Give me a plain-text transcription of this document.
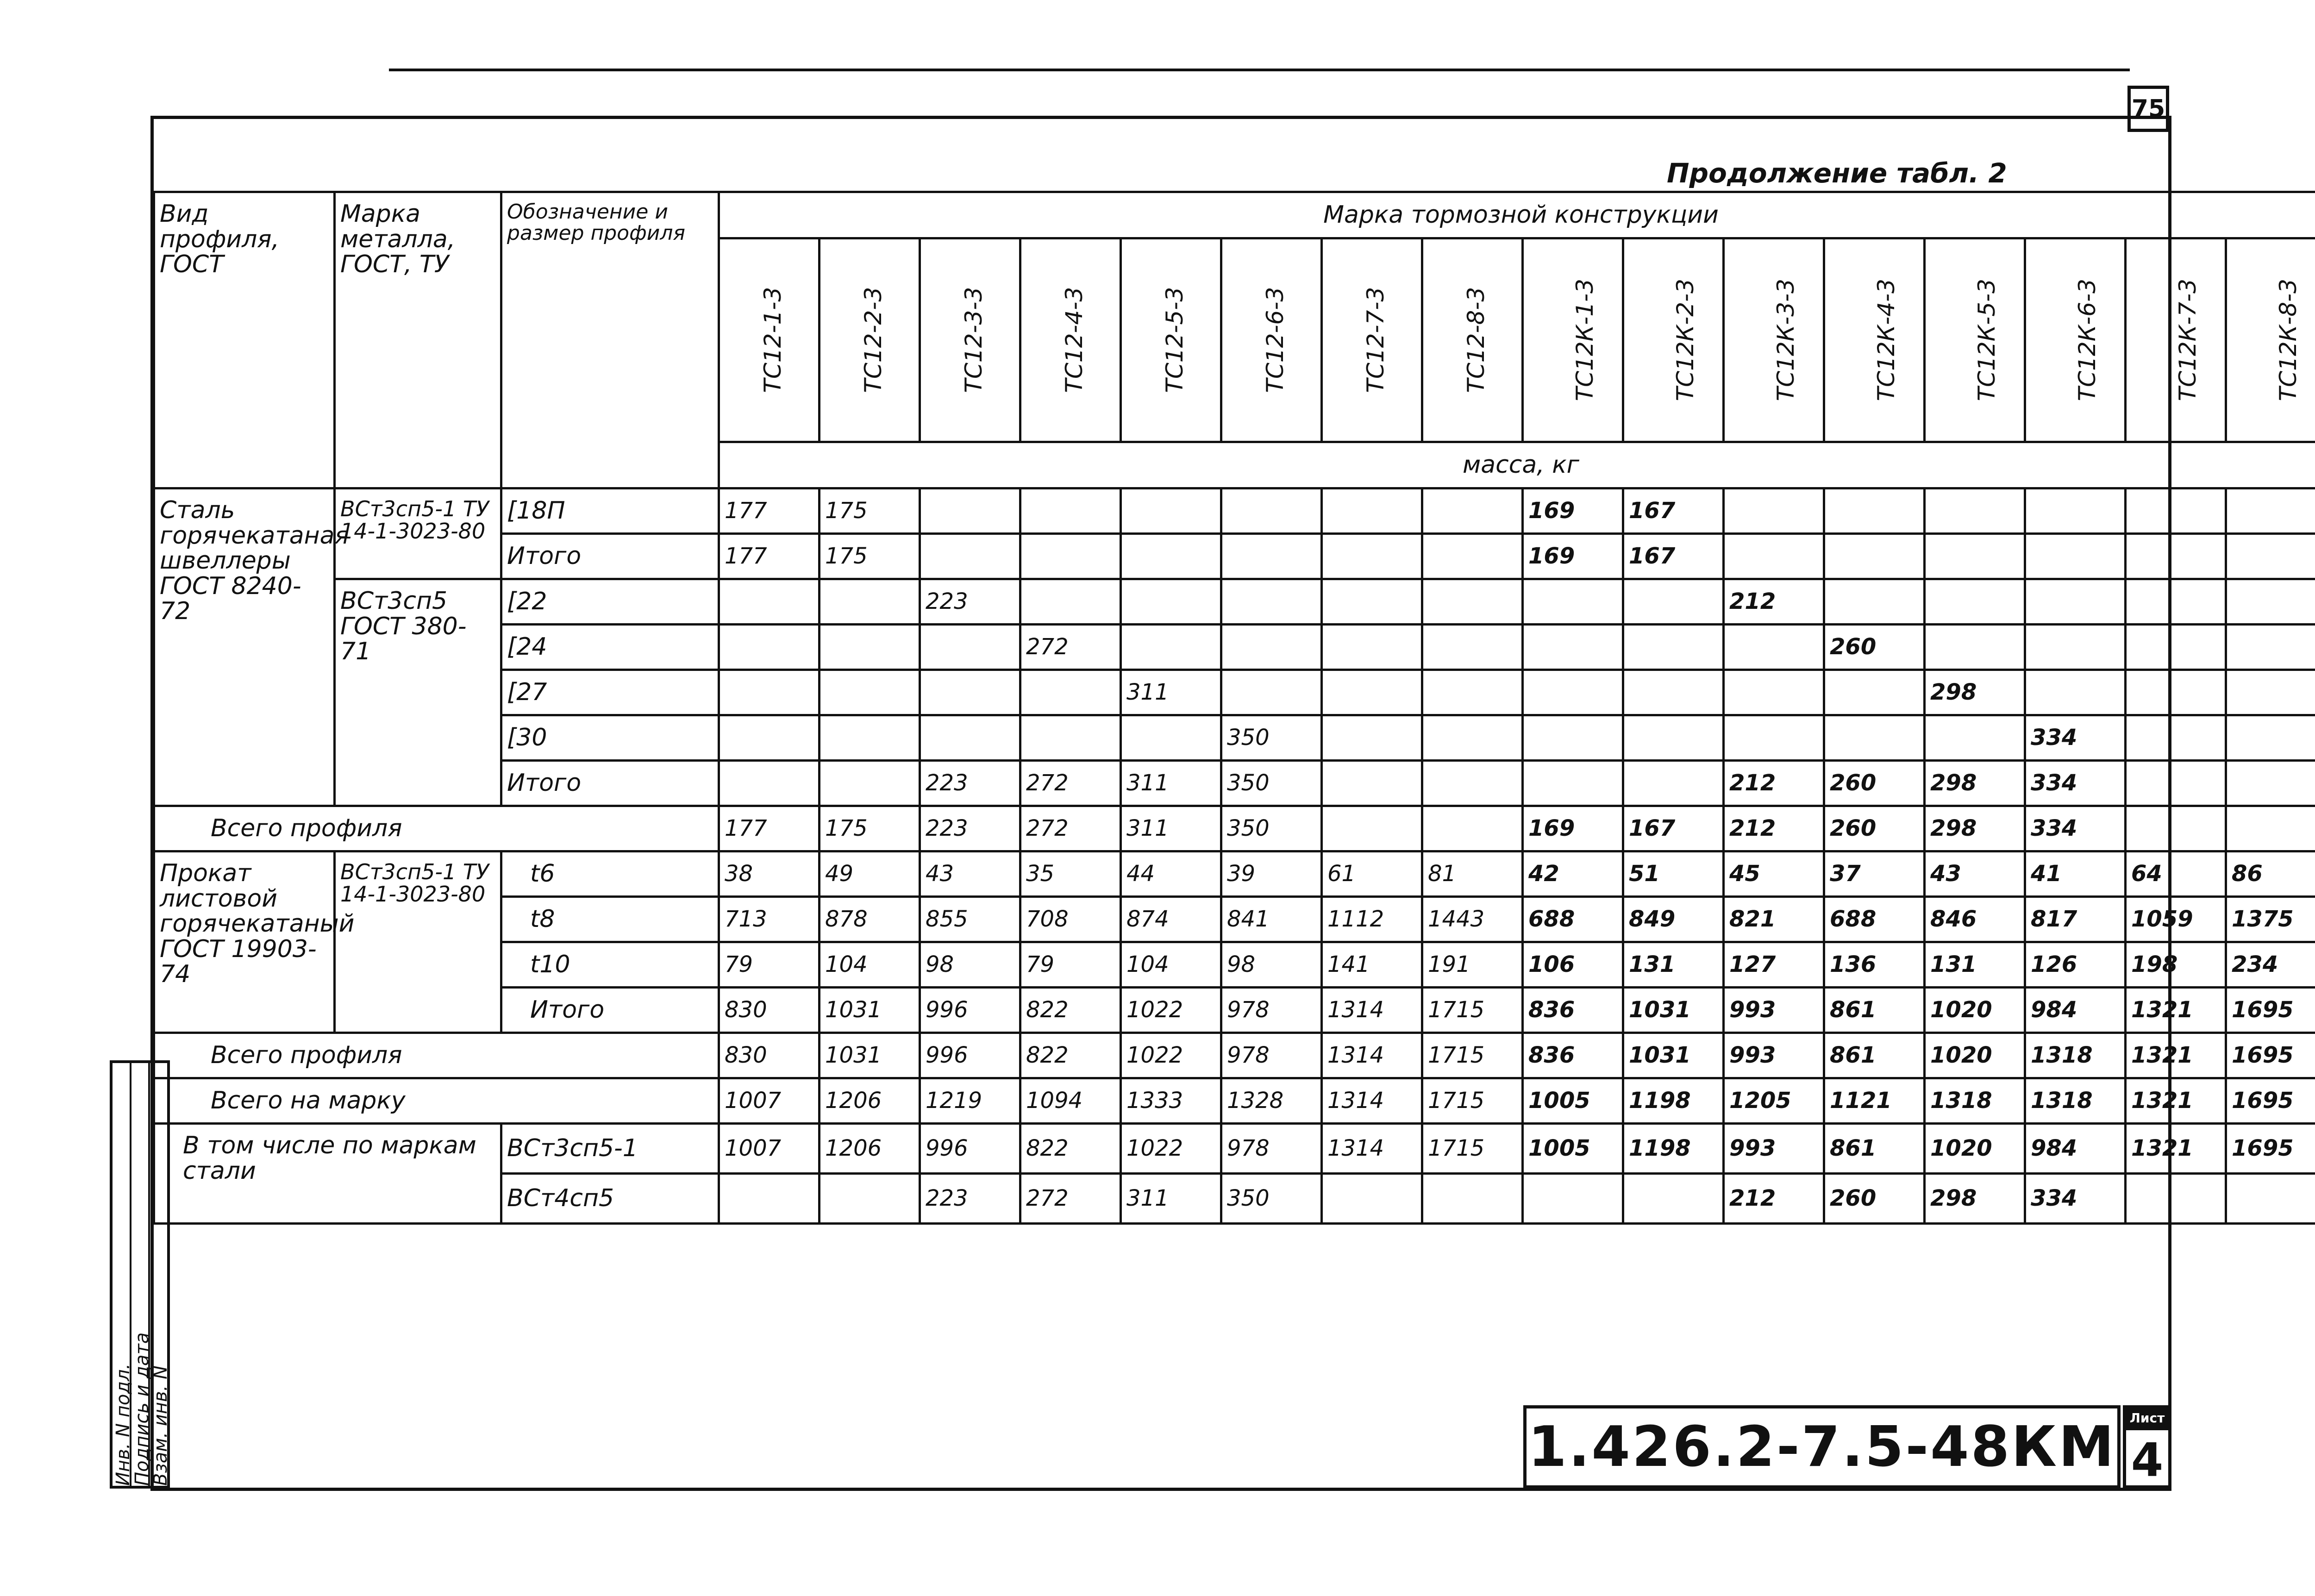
75
Продолжение табл. 2
Вид профиля, ГОСТ	Марка металла, ГОСТ, ТУ	Обозначение и размер профиля	Марка тормозной конструкции															
			ТС12-1-3	ТС12-2-3	ТС12-3-3	ТС12-4-3	ТС12-5-3	ТС12-6-3	ТС12-7-3	ТС12-8-3	ТС12К-1-3	ТС12К-2-3	ТС12К-3-3	ТС12К-4-3	ТС12К-5-3	ТС12К-6-3	ТС12К-7-3	ТС12К-8-3
			масса, кг															
Сталь горячекатаная швеллеры ГОСТ 8240-72	ВСт3сп5-1 ТУ 14-1-3023-80	[18П	177	175							169	167						
		Итого	177	175							169	167						
	ВСт3сп5 ГОСТ 380-71	[22			223								212					
		[24				272								260				
		[27					311								298			
		[30						350								334		
		Итого			223	272	311	350					212	260	298	334		
Всего профиля			177	175	223	272	311	350			169	167	212	260	298	334		
Прокат листовой горячекатаный ГОСТ 19903-74	ВСт3сп5-1 ТУ 14-1-3023-80	t6	38	49	43	35	44	39	61	81	42	51	45	37	43	41	64	86
		t8	713	878	855	708	874	841	1112	1443	688	849	821	688	846	817	1059	1375
		t10	79	104	98	79	104	98	141	191	106	131	127	136	131	126	198	234
		Итого	830	1031	996	822	1022	978	1314	1715	836	1031	993	861	1020	984	1321	1695
Всего профиля			830	1031	996	822	1022	978	1314	1715	836	1031	993	861	1020	1318	1321	1695
Всего на марку			1007	1206	1219	1094	1333	1328	1314	1715	1005	1198	1205	1121	1318	1318	1321	1695
В том числе по маркам стали		ВСт3сп5-1	1007	1206	996	822	1022	978	1314	1715	1005	1198	993	861	1020	984	1321	1695
		ВСт4сп5			223	272	311	350					212	260	298	334		
Инв. N подл.
Подпись и дата
Взам. инв. N	1.426.2-7.5-48КМ	Лист
4
